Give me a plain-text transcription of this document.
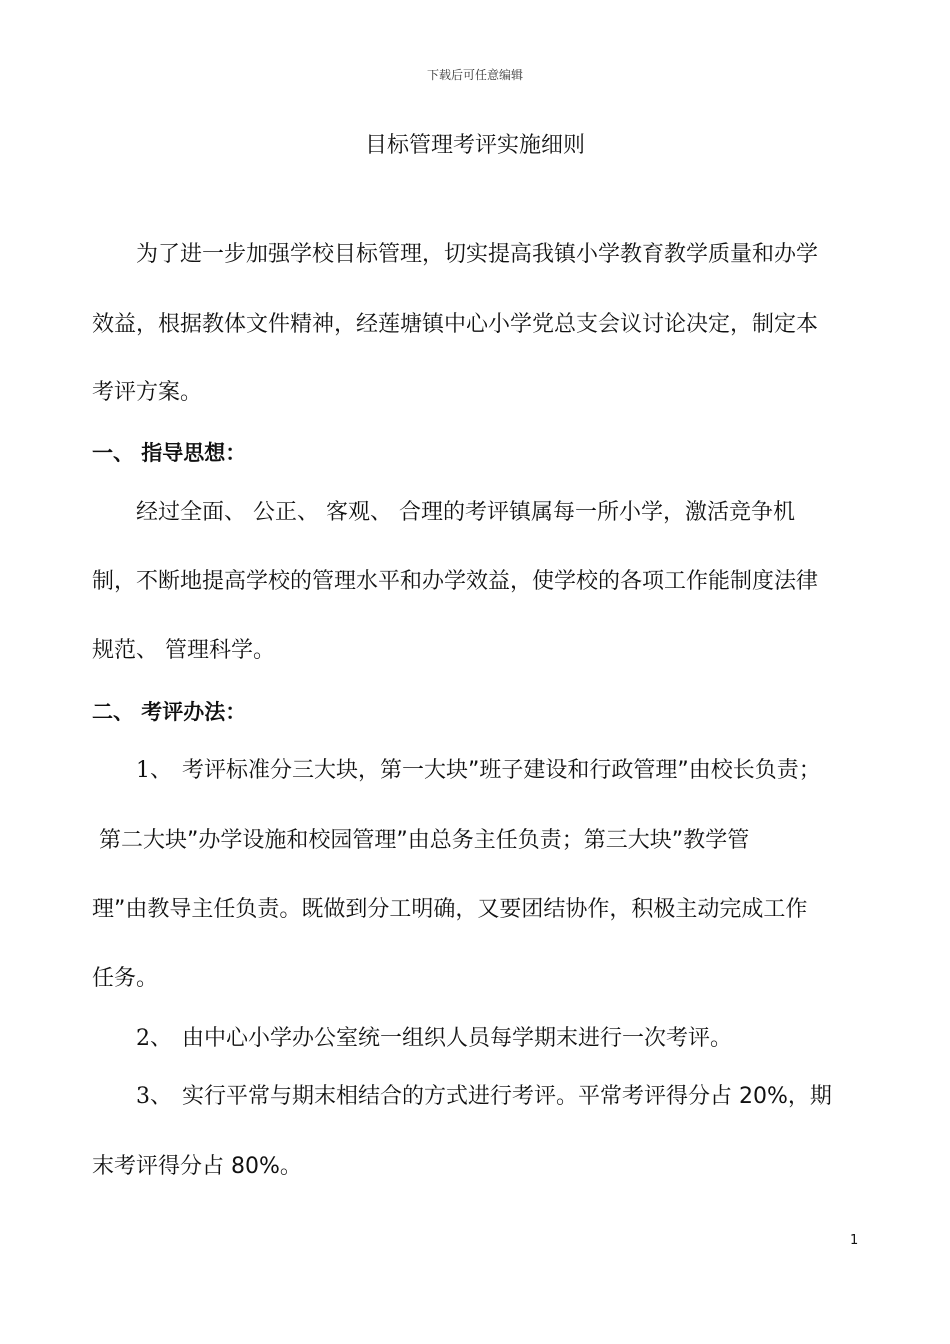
下载后可任意编辑
目标管理考评实施细则
为了进一步加强学校目标管理，切实提高我镇小学教育教学质量和办学
效益，根据教体文件精神，经莲塘镇中心小学党总支会议讨论决定，制定本
考评方案。
一、 指导思想：
经过全面、 公正、 客观、 合理的考评镇属每一所小学，激活竞争机
制，不断地提高学校的管理水平和办学效益，使学校的各项工作能制度法律
规范、 管理科学。
二、 考评办法：
1、 考评标准分三大块，第一大块”班子建设和行政管理”由校长负责；
第二大块”办学设施和校园管理”由总务主任负责；第三大块”教学管
理”由教导主任负责。既做到分工明确，又要团结协作，积极主动完成工作
任务。
2、 由中心小学办公室统一组织人员每学期末进行一次考评。
3、 实行平常与期末相结合的方式进行考评。平常考评得分占 20%，期
末考评得分占 80%。
1
